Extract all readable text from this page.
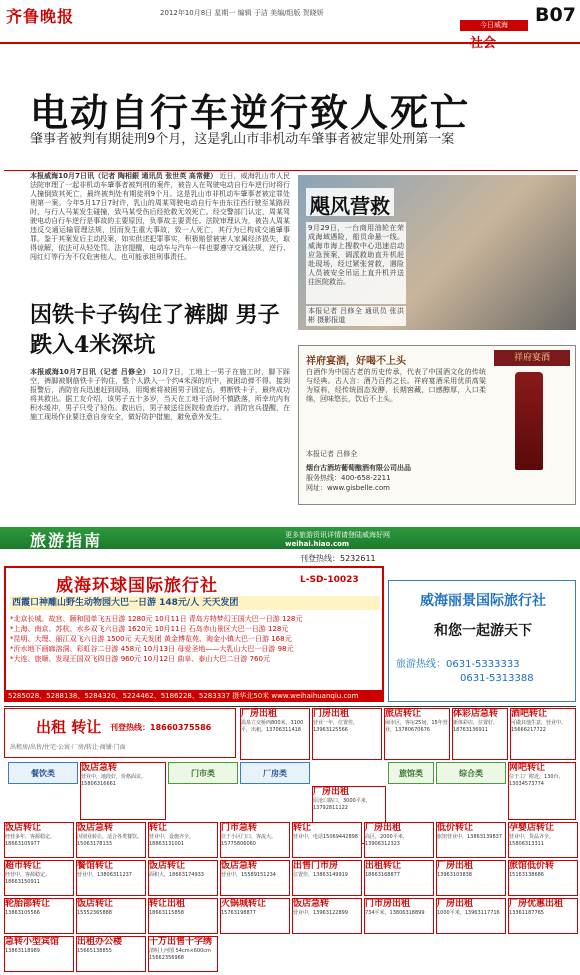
齐鲁晚报	2012年10月8日 星期一 编辑 于洁 美编/组版 贺晓妍	B07
今日威海
社会
电动自行车逆行致人死亡
肇事者被判有期徒刑9个月，这是乳山市非机动车肇事者被定罪处刑第一案
本报威海10月7日讯（记者 陶相銀 通讯员 张世英 高常健） 近日，威海乳山市人民法院审理了一起非机动车肇事者被判刑的案件，被告人在驾驶电动自行车逆行时将行人撞倒致其死亡，最终被判处有期徒刑9个月。这是乳山市非机动车肇事者被定罪处刑第一案。今年5月17日7时许，乳山的周某驾驶电动自行车由东往西行驶至某路段时，与行人马某发生碰撞，致马某受伤后经抢救无效死亡。经交警部门认定，周某驾驶电动自行车逆行是事故的主要原因，负事故主要责任。法院审理认为，被告人周某违反交通运输管理法规，因而发生重大事故，致一人死亡，其行为已构成交通肇事罪。鉴于其案发后主动投案，如实供述犯罪事实，积极赔偿被害人家属经济损失，取得谅解，依法可从轻处罚。法官提醒，电动车与汽车一样也要遵守交通法规，逆行、闯红灯等行为不仅危害他人，也可能承担刑事责任。
飓风营救
9月29日，一台商用油轮在荣成海域遇险，船员命悬一线。威海市海上搜救中心迅速启动应急预案，调派救助直升机赶赴现场，经过紧张营救，遇险人员被安全吊运上直升机并送往医院救治。
本报记者 吕修全 通讯员 张洪彬 摄影报道
因铁卡子钩住了裤脚 男子跌入4米深坑
本报威海10月7日讯（记者 吕修全） 10月7日，工地上一男子在施工时，脚下踩空，裤脚被钢筋铁卡子钩住，整个人跌入一个约4米深的坑中，被困动弹不得。接到报警后，消防官兵迅速赶到现场，用绳索将被困男子固定后，剪断铁卡子，最终成功将其救出。据工友介绍，该男子五十多岁，当天在工地干活时不慎跌落，所幸坑内有积水缓冲，男子只受了轻伤。救出后，男子被送往医院检查治疗。消防官兵提醒，在施工现场作业要注意自身安全，做好防护措施，避免意外发生。
祥府宴酒，好喝不上头
白酒作为中国古老的历史传承，代表了中国酒文化的传统与经典。古人言：酒乃百药之长。祥府宴酒采用优质高粱为原料，经传统固态发酵，长期窖藏，口感醇厚，入口柔绵，回味悠长，饮后不上头。
本报记者 吕修全
烟台古酒坊葡萄酿酒有限公司出品
服务热线：400-658-2211
网址：www.gisbelle.com
祥府宴酒
旅游指南	更多旅游资讯详情请登陆威海好网
weihai.hiao.com
刊登热线：5232611
威海环球国际旅行社	L-SD-10023
西霞口神雕山野生动物园大巴一日游 148元/人 天天发团
*北京长城、故宫、颐和园单飞五日游 1280元 10月11日 青岛方特梦幻王国大巴一日游 128元
*上海、南京、苏杭、水乡双飞六日游 1620元 10月11日 石岛赤山景区大巴一日游 128元
*昆明、大理、丽江双飞六日游 1500元 天天发团 黄金博览苑、淘金小镇大巴一日游 168元
*沂水地下画廊溶洞、彩虹谷二日游 458元 10月13日 母爱圣地——大乳山大巴一日游 98元
*大连、旅顺、发现王国双飞四日游 960元 10月12日 曲阜、泰山大巴二日游 760元
5285028、5288138、5284320、5224462、5186228、5283337 摄华北50米 www.weihaihuanqiu.com
威海丽景国际旅行社
和您一起游天下
旅游热线：0631-5333333
0631-5313388
出租 转让 刊登热线：18660375586
出租房/出售/住宅·公寓·厂房/转让·商铺·门面
餐饮类	门市类	厂房类	旅馆类	综合类
厂房出租
温泉立交桥西800米，3100平，出租。13706311418
门房出租
营业一年，位置佳，13963125566
旅店转让
闹市区，客房25间，15年营业，13780670676
体彩店急转
新体彩店，位置好，18763136911
酒吧转让
可做其他生意，营业中。15666217722
饭店急转
营业中，地段好，价格面议。15806316661
厂房出租
原沧口路口，3000平米，13792811122
网吧转让
位于工厂附近，130台，13034573774
饭店转让
经营多年，客源稳定。18663105977
饭店急转
因别业转让，适合各类餐饮。15063178133
转让
营业中，设施齐全。18863131001
门市急转
位于小区门口，客流大。15775806060
转让
营业中，电话15069442898
厂房出租
高区，2000平米，13906312323
低价转让
旅馆营业中，13863139837
孕婴店转让
营业中，货品齐全。15806313311
超市转让
经营中，客源稳定。18663150911
餐馆转让
营业中，13806311237
饭店转让
面积大，18663174933
饭店急转
营业中，15589151234
出售门市房
位置佳，13863149919
出租转让
18663168877
厂房出租
13963103838
旅馆低价转
15163138686
轮胎部转让
13863105566
饭店转让
15552365888
转让出租
18663115858
火锅城转让
15763198877
饭店急转
营业中，13963122899
门市房出租
734平米，13806318899
厂房出租
1000平米，13963117716
厂房优惠出租
13361187765
急转小型宾馆
13863118989
出租办公楼
15665138855
十万出售十字绣
清明上河图 54cm×600cm 15662356968
